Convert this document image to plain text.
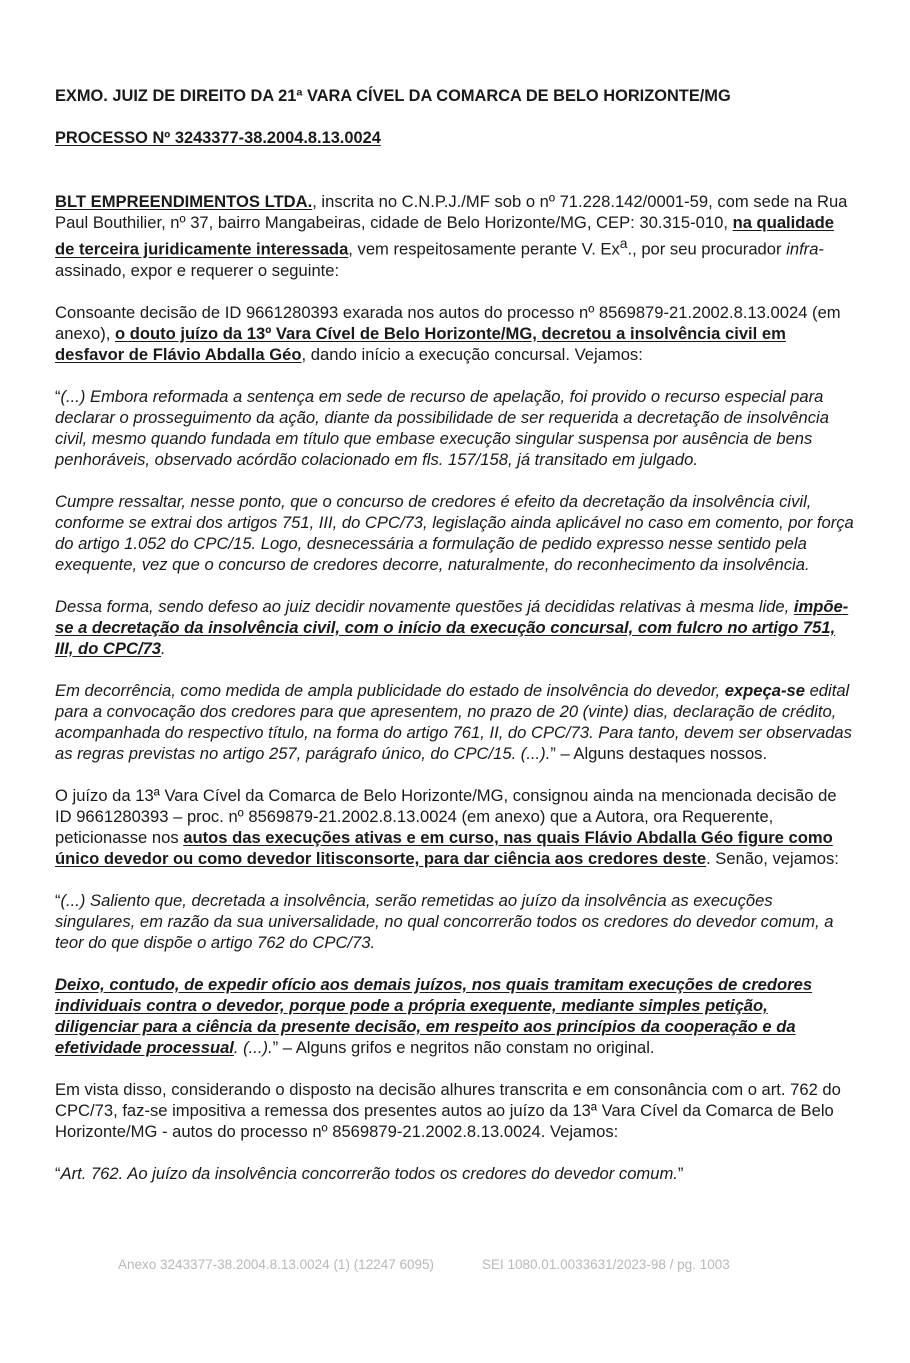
EXMO. JUIZ DE DIREITO DA 21ª VARA CÍVEL DA COMARCA DE BELO HORIZONTE/MG

PROCESSO Nº 3243377-38.2004.8.13.0024

BLT EMPREENDIMENTOS LTDA., inscrita no C.N.P.J./MF sob o nº 71.228.142/0001-59, com sede na Rua Paul Bouthilier, nº 37, bairro Mangabeiras, cidade de Belo Horizonte/MG, CEP: 30.315-010, na qualidade de terceira juridicamente interessada, vem respeitosamente perante V. Ex$^a$., por seu procurador infra-assinado, expor e requerer o seguinte:

Consoante decisão de ID 9661280393 exarada nos autos do processo nº 8569879-21.2002.8.13.0024 (em anexo), o douto juízo da 13º Vara Cível de Belo Horizonte/MG, decretou a insolvência civil em desfavor de Flávio Abdalla Géo, dando início a execução concursal. Vejamos:

“(...) Embora reformada a sentença em sede de recurso de apelação, foi provido o recurso especial para declarar o prosseguimento da ação, diante da possibilidade de ser requerida a decretação de insolvência civil, mesmo quando fundada em título que embase execução singular suspensa por ausência de bens penhoráveis, observado acórdão colacionado em fls. 157/158, já transitado em julgado.

Cumpre ressaltar, nesse ponto, que o concurso de credores é efeito da decretação da insolvência civil, conforme se extrai dos artigos 751, III, do CPC/73, legislação ainda aplicável no caso em comento, por força do artigo 1.052 do CPC/15. Logo, desnecessária a formulação de pedido expresso nesse sentido pela exequente, vez que o concurso de credores decorre, naturalmente, do reconhecimento da insolvência.

Dessa forma, sendo defeso ao juiz decidir novamente questões já decididas relativas à mesma lide, impõe-se a decretação da insolvência civil, com o início da execução concursal, com fulcro no artigo 751, III, do CPC/73.

Em decorrência, como medida de ampla publicidade do estado de insolvência do devedor, expeça-se edital para a convocação dos credores para que apresentem, no prazo de 20 (vinte) dias, declaração de crédito, acompanhada do respectivo título, na forma do artigo 761, II, do CPC/73. Para tanto, devem ser observadas as regras previstas no artigo 257, parágrafo único, do CPC/15. (...).” – Alguns destaques nossos.

O juízo da 13ª Vara Cível da Comarca de Belo Horizonte/MG, consignou ainda na mencionada decisão de ID 9661280393 – proc. nº 8569879-21.2002.8.13.0024 (em anexo) que a Autora, ora Requerente, peticionasse nos autos das execuções ativas e em curso, nas quais Flávio Abdalla Géo figure como único devedor ou como devedor litisconsorte, para dar ciência aos credores deste. Senão, vejamos:

“(...) Saliento que, decretada a insolvência, serão remetidas ao juízo da insolvência as execuções singulares, em razão da sua universalidade, no qual concorrerão todos os credores do devedor comum, a teor do que dispõe o artigo 762 do CPC/73.

Deixo, contudo, de expedir ofício aos demais juízos, nos quais tramitam execuções de credores individuais contra o devedor, porque pode a própria exequente, mediante simples petição, diligenciar para a ciência da presente decisão, em respeito aos princípios da cooperação e da efetividade processual. (...).” – Alguns grifos e negritos não constam no original.

Em vista disso, considerando o disposto na decisão alhures transcrita e em consonância com o art. 762 do CPC/73, faz-se impositiva a remessa dos presentes autos ao juízo da 13ª Vara Cível da Comarca de Belo Horizonte/MG - autos do processo nº 8569879-21.2002.8.13.0024. Vejamos:

“Art. 762. Ao juízo da insolvência concorrerão todos os credores do devedor comum.”

Anexo 3243377-38.2004.8.13.0024 (1) (12247 6095)	SEI 1080.01.0033631/2023-98 / pg. 1003
